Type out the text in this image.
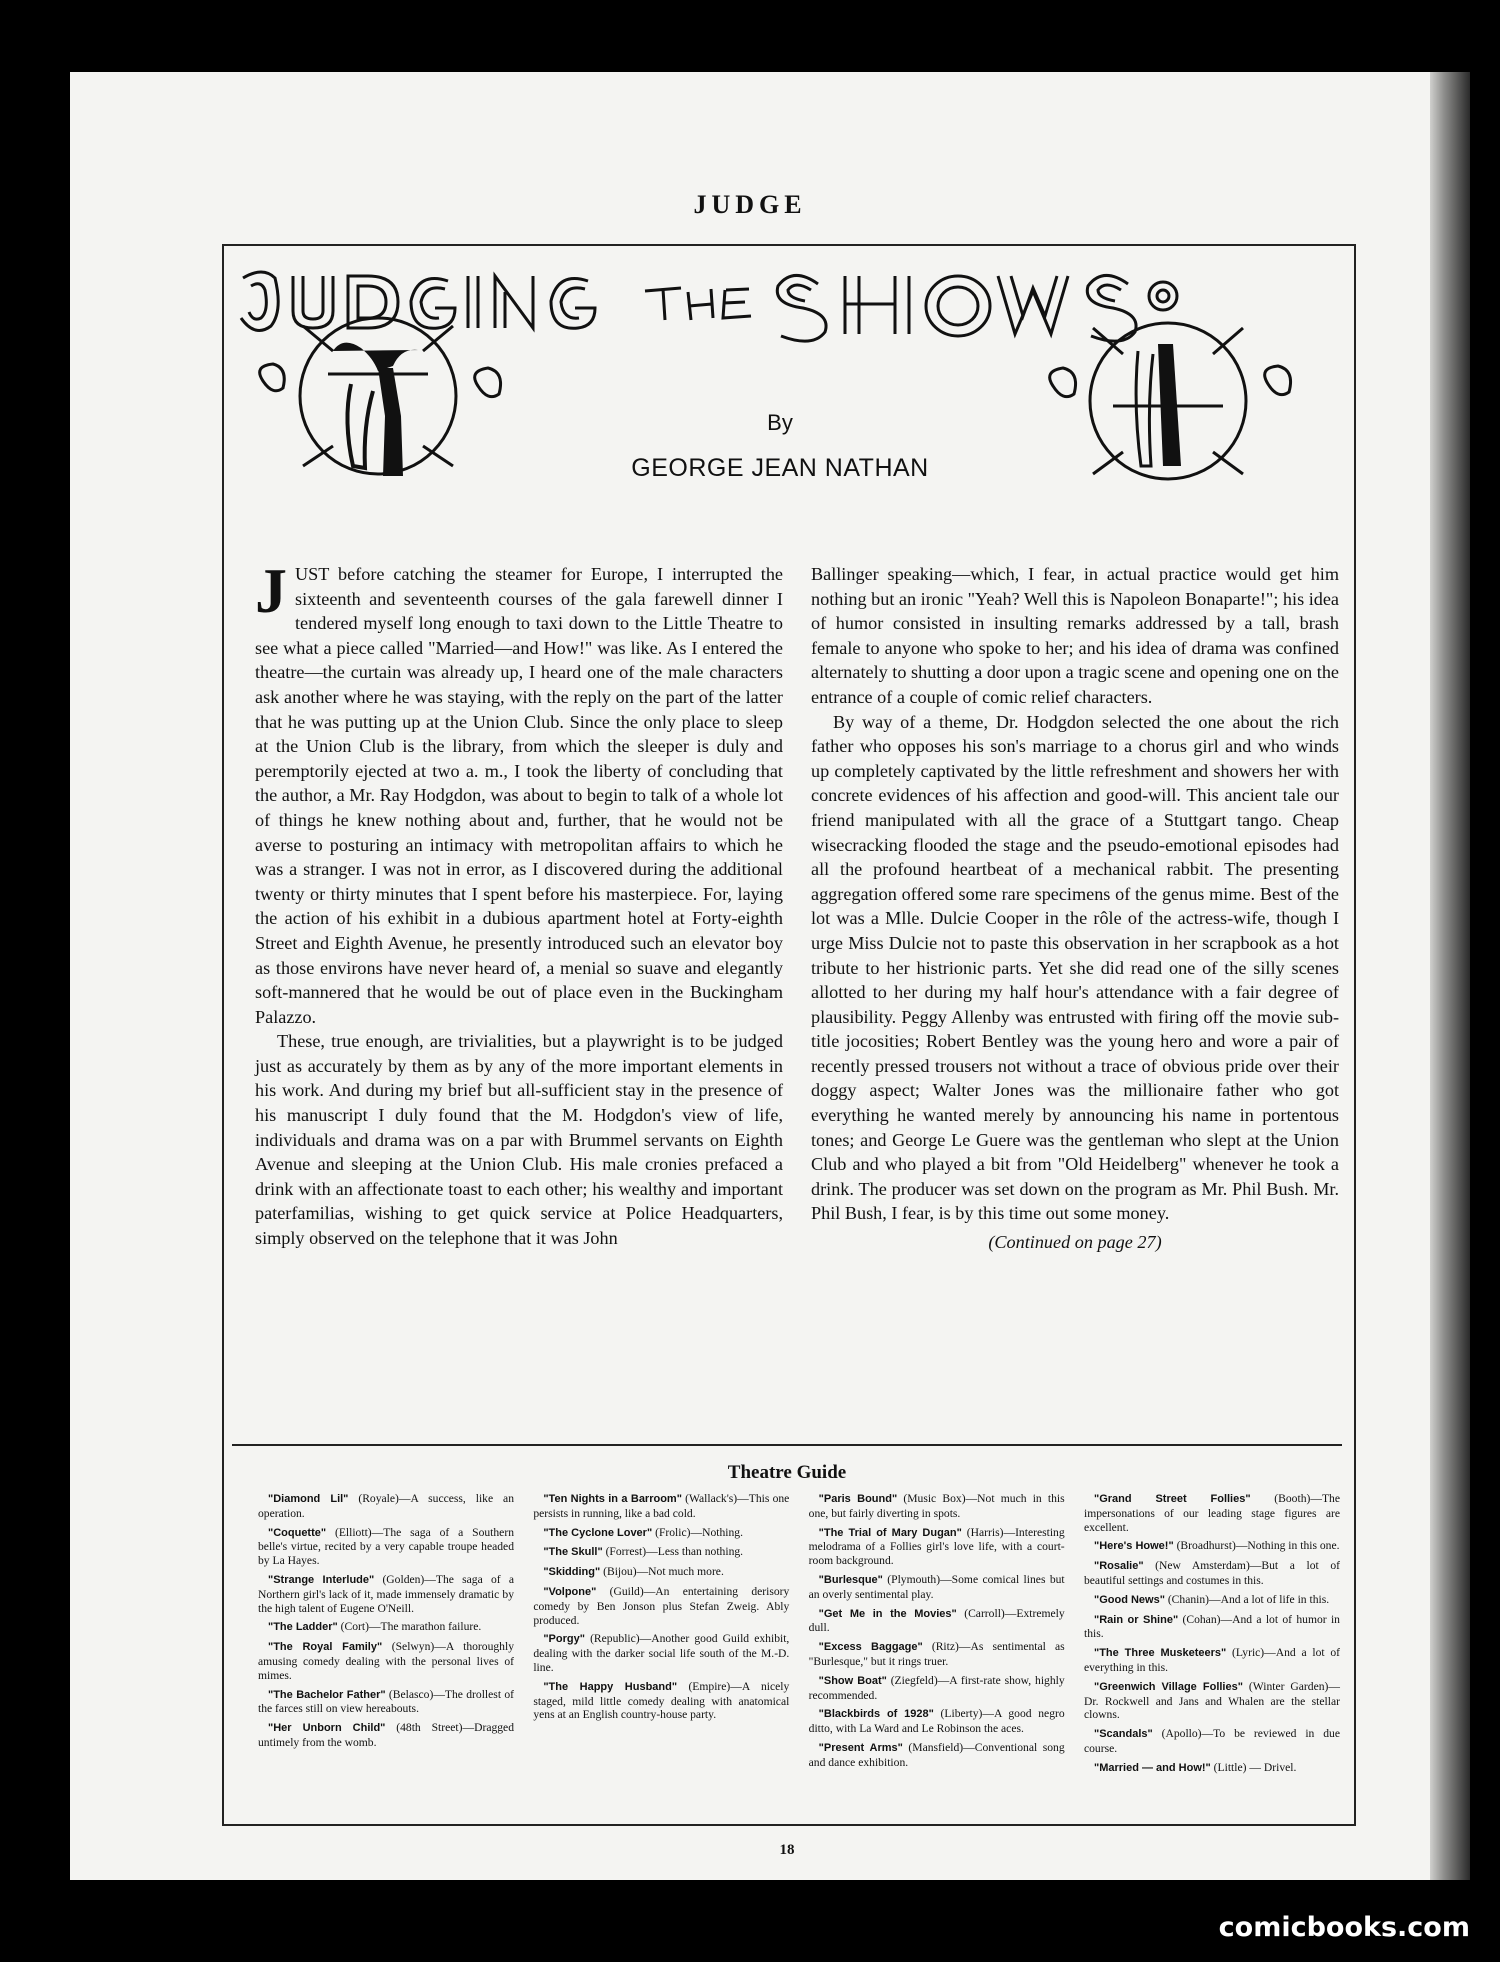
JUDGE
By
GEORGE JEAN NATHAN

JUST before catching the steamer for Europe, I interrupted the sixteenth and seventeenth courses of the gala farewell dinner I tendered myself long enough to taxi down to the Little Theatre to see what a piece called "Married—and How!" was like. As I entered the theatre—the curtain was already up, I heard one of the male characters ask another where he was staying, with the reply on the part of the latter that he was putting up at the Union Club. Since the only place to sleep at the Union Club is the library, from which the sleeper is duly and peremptorily ejected at two a. m., I took the liberty of concluding that the author, a Mr. Ray Hodgdon, was about to begin to talk of a whole lot of things he knew nothing about and, further, that he would not be averse to posturing an intimacy with metropolitan affairs to which he was a stranger. I was not in error, as I discovered during the additional twenty or thirty minutes that I spent before his masterpiece. For, laying the action of his exhibit in a dubious apartment hotel at Forty-eighth Street and Eighth Avenue, he presently introduced such an elevator boy as those environs have never heard of, a menial so suave and elegantly soft-mannered that he would be out of place even in the Buckingham Palazzo.

These, true enough, are trivialities, but a playwright is to be judged just as accurately by them as by any of the more important elements in his work. And during my brief but all-sufficient stay in the presence of his manuscript I duly found that the M. Hodgdon's view of life, individuals and drama was on a par with Brummel servants on Eighth Avenue and sleeping at the Union Club. His male cronies prefaced a drink with an affectionate toast to each other; his wealthy and important paterfamilias, wishing to get quick service at Police Headquarters, simply observed on the telephone that it was John

Ballinger speaking—which, I fear, in actual practice would get him nothing but an ironic "Yeah? Well this is Napoleon Bonaparte!"; his idea of humor consisted in insulting remarks addressed by a tall, brash female to anyone who spoke to her; and his idea of drama was confined alternately to shutting a door upon a tragic scene and opening one on the entrance of a couple of comic relief characters.

By way of a theme, Dr. Hodgdon selected the one about the rich father who opposes his son's marriage to a chorus girl and who winds up completely captivated by the little refreshment and showers her with concrete evidences of his affection and good-will. This ancient tale our friend manipulated with all the grace of a Stuttgart tango. Cheap wisecracking flooded the stage and the pseudo-emotional episodes had all the profound heartbeat of a mechanical rabbit. The presenting aggregation offered some rare specimens of the genus mime. Best of the lot was a Mlle. Dulcie Cooper in the rôle of the actress-wife, though I urge Miss Dulcie not to paste this observation in her scrapbook as a hot tribute to her histrionic parts. Yet she did read one of the silly scenes allotted to her during my half hour's attendance with a fair degree of plausibility. Peggy Allenby was entrusted with firing off the movie sub-title jocosities; Robert Bentley was the young hero and wore a pair of recently pressed trousers not without a trace of obvious pride over their doggy aspect; Walter Jones was the millionaire father who got everything he wanted merely by announcing his name in portentous tones; and George Le Guere was the gentleman who slept at the Union Club and who played a bit from "Old Heidelberg" whenever he took a drink. The producer was set down on the program as Mr. Phil Bush. Mr. Phil Bush, I fear, is by this time out some money.

(Continued on page 27)
Theatre Guide

"Diamond Lil" (Royale)—A success, like an operation.

"Coquette" (Elliott)—The saga of a Southern belle's virtue, recited by a very capable troupe headed by La Hayes.

"Strange Interlude" (Golden)—The saga of a Northern girl's lack of it, made immensely dramatic by the high talent of Eugene O'Neill.

"The Ladder" (Cort)—The marathon failure.

"The Royal Family" (Selwyn)—A thoroughly amusing comedy dealing with the personal lives of mimes.

"The Bachelor Father" (Belasco)—The drollest of the farces still on view hereabouts.

"Her Unborn Child" (48th Street)—Dragged untimely from the womb.

"Ten Nights in a Barroom" (Wallack's)—This one persists in running, like a bad cold.

"The Cyclone Lover" (Frolic)—Nothing.

"The Skull" (Forrest)—Less than nothing.

"Skidding" (Bijou)—Not much more.

"Volpone" (Guild)—An entertaining derisory comedy by Ben Jonson plus Stefan Zweig. Ably produced.

"Porgy" (Republic)—Another good Guild exhibit, dealing with the darker social life south of the M.-D. line.

"The Happy Husband" (Empire)—A nicely staged, mild little comedy dealing with anatomical yens at an English country-house party.

"Paris Bound" (Music Box)—Not much in this one, but fairly diverting in spots.

"The Trial of Mary Dugan" (Harris)—Interesting melodrama of a Follies girl's love life, with a court-room background.

"Burlesque" (Plymouth)—Some comical lines but an overly sentimental play.

"Get Me in the Movies" (Carroll)—Extremely dull.

"Excess Baggage" (Ritz)—As sentimental as "Burlesque," but it rings truer.

"Show Boat" (Ziegfeld)—A first-rate show, highly recommended.

"Blackbirds of 1928" (Liberty)—A good negro ditto, with La Ward and Le Robinson the aces.

"Present Arms" (Mansfield)—Conventional song and dance exhibition.

"Grand Street Follies" (Booth)—The impersonations of our leading stage figures are excellent.

"Here's Howe!" (Broadhurst)—Nothing in this one.

"Rosalie" (New Amsterdam)—But a lot of beautiful settings and costumes in this.

"Good News" (Chanin)—And a lot of life in this.

"Rain or Shine" (Cohan)—And a lot of humor in this.

"The Three Musketeers" (Lyric)—And a lot of everything in this.

"Greenwich Village Follies" (Winter Garden)—Dr. Rockwell and Jans and Whalen are the stellar clowns.

"Scandals" (Apollo)—To be reviewed in due course.

"Married — and How!" (Little) — Drivel.

18
comicbooks.com
